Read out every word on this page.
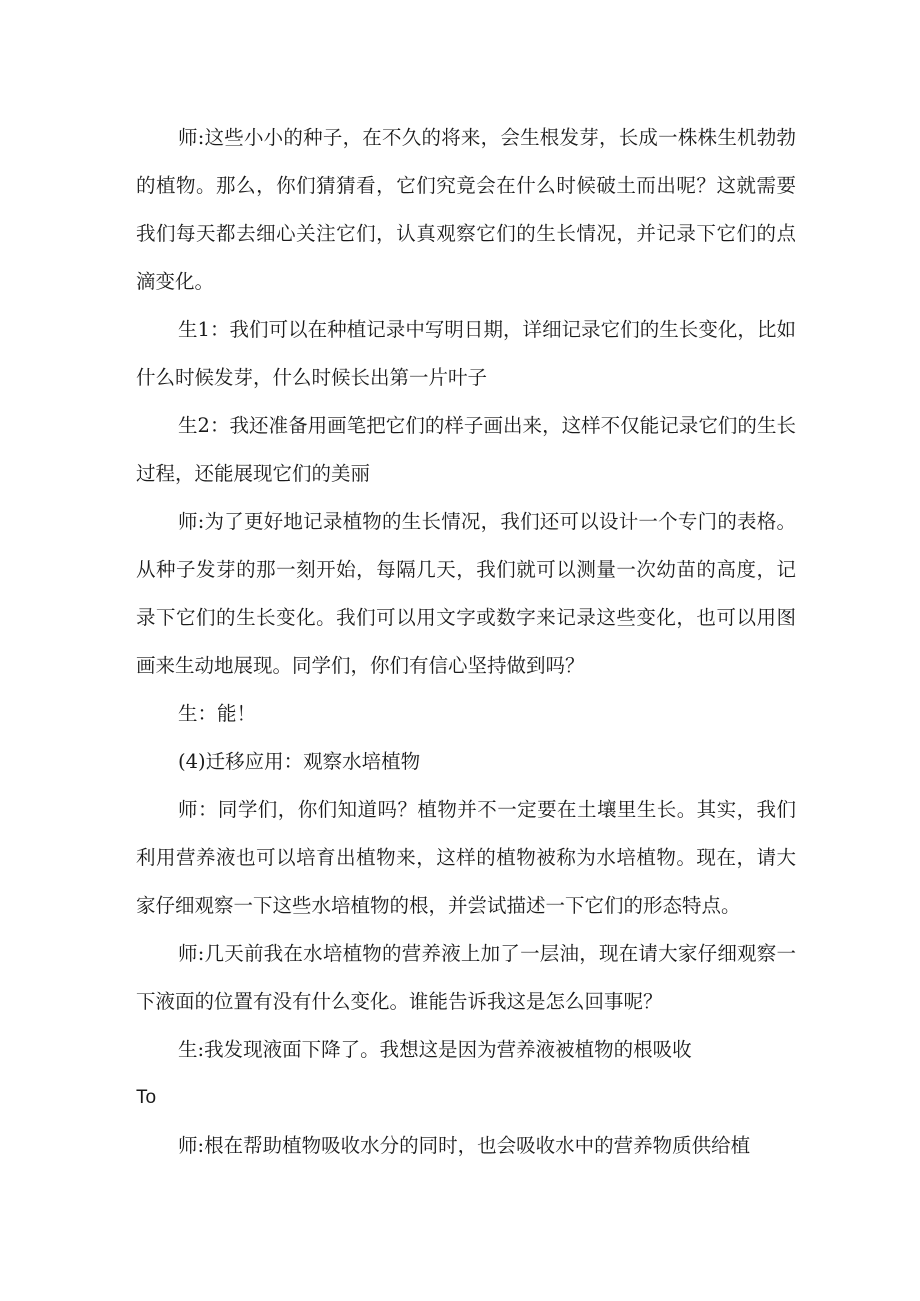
师:这些小小的种子，在不久的将来，会生根发芽，长成一株株生机勃勃的植物。那么，你们猜猜看，它们究竟会在什么时候破土而出呢？这就需要我们每天都去细心关注它们，认真观察它们的生长情况，并记录下它们的点滴变化。

生1：我们可以在种植记录中写明日期，详细记录它们的生长变化，比如什么时候发芽，什么时候长出第一片叶子

生2：我还准备用画笔把它们的样子画出来，这样不仅能记录它们的生长过程，还能展现它们的美丽

师:为了更好地记录植物的生长情况，我们还可以设计一个专门的表格。从种子发芽的那一刻开始，每隔几天，我们就可以测量一次幼苗的高度，记录下它们的生长变化。我们可以用文字或数字来记录这些变化，也可以用图画来生动地展现。同学们，你们有信心坚持做到吗？

生：能！

(4)迁移应用：观察水培植物

师：同学们，你们知道吗？植物并不一定要在土壤里生长。其实，我们利用营养液也可以培育出植物来，这样的植物被称为水培植物。现在，请大家仔细观察一下这些水培植物的根，并尝试描述一下它们的形态特点。

师:几天前我在水培植物的营养液上加了一层油，现在请大家仔细观察一下液面的位置有没有什么变化。谁能告诉我这是怎么回事呢？

生:我发现液面下降了。我想这是因为营养液被植物的根吸收

To

师:根在帮助植物吸收水分的同时，也会吸收水中的营养物质供给植
